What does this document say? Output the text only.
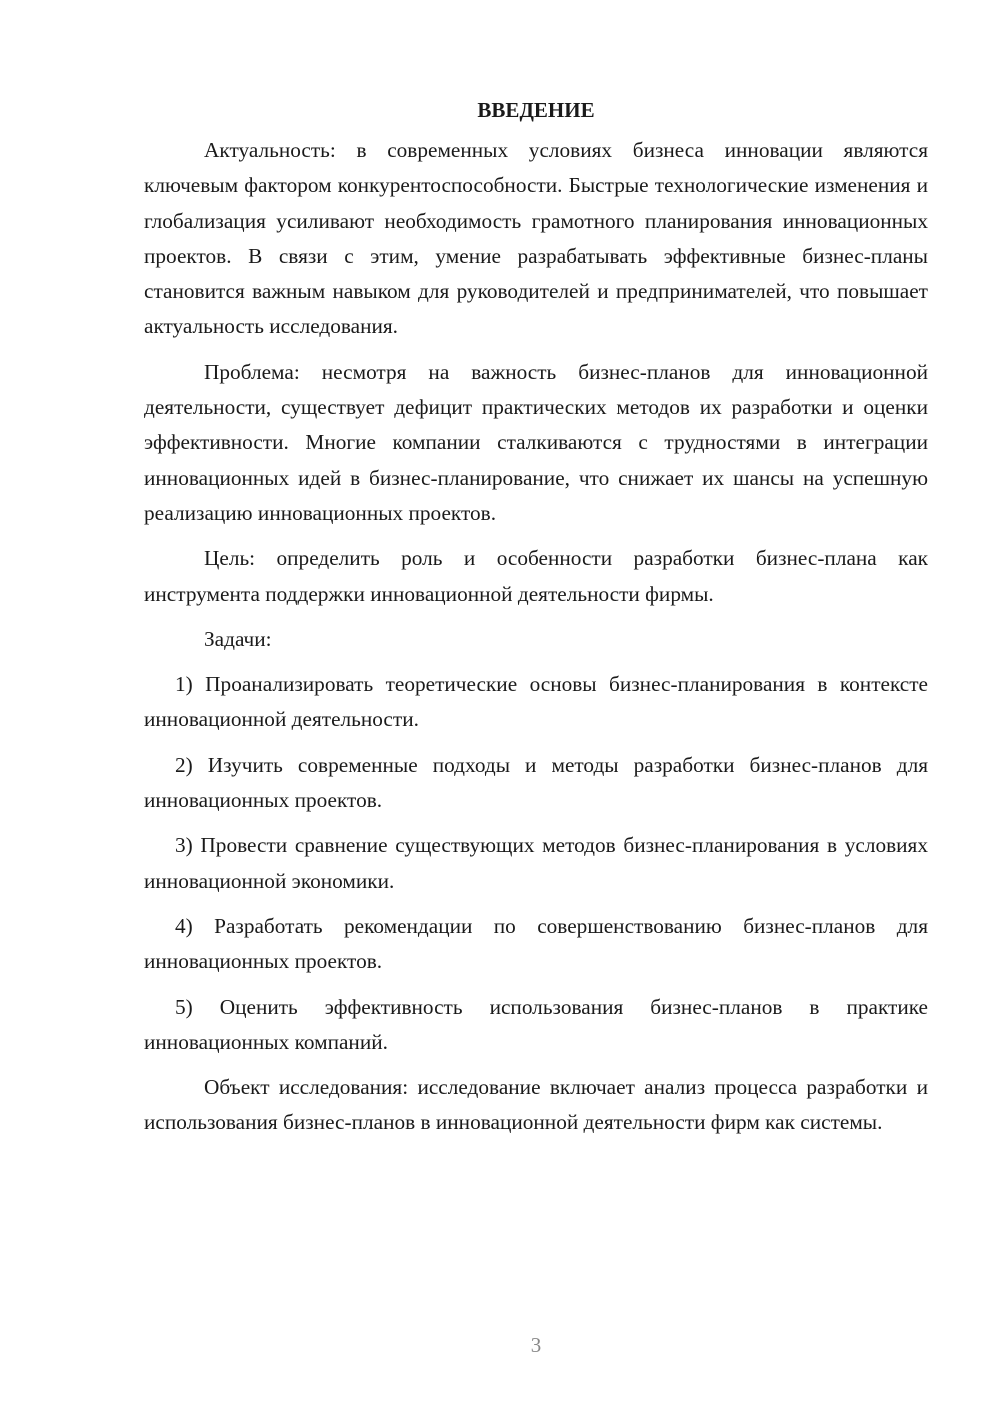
ВВЕДЕНИЕ

Актуальность: в современных условиях бизнеса инновации являются ключевым фактором конкурентоспособности. Быстрые технологические изменения и глобализация усиливают необходимость грамотного планирования инновационных проектов. В связи с этим, умение разрабатывать эффективные бизнес-планы становится важным навыком для руководителей и предпринимателей, что повышает актуальность исследования.

Проблема: несмотря на важность бизнес-планов для инновационной деятельности, существует дефицит практических методов их разработки и оценки эффективности. Многие компании сталкиваются с трудностями в интеграции инновационных идей в бизнес-планирование, что снижает их шансы на успешную реализацию инновационных проектов.

Цель: определить роль и особенности разработки бизнес-плана как инструмента поддержки инновационной деятельности фирмы.

Задачи:

1) Проанализировать теоретические основы бизнес-планирования в контексте инновационной деятельности.

2) Изучить современные подходы и методы разработки бизнес-планов для инновационных проектов.

3) Провести сравнение существующих методов бизнес-планирования в условиях инновационной экономики.

4) Разработать рекомендации по совершенствованию бизнес-планов для инновационных проектов.

5) Оценить эффективность использования бизнес-планов в практике инновационных компаний.

Объект исследования: исследование включает анализ процесса разработки и использования бизнес-планов в инновационной деятельности фирм как системы.

3
